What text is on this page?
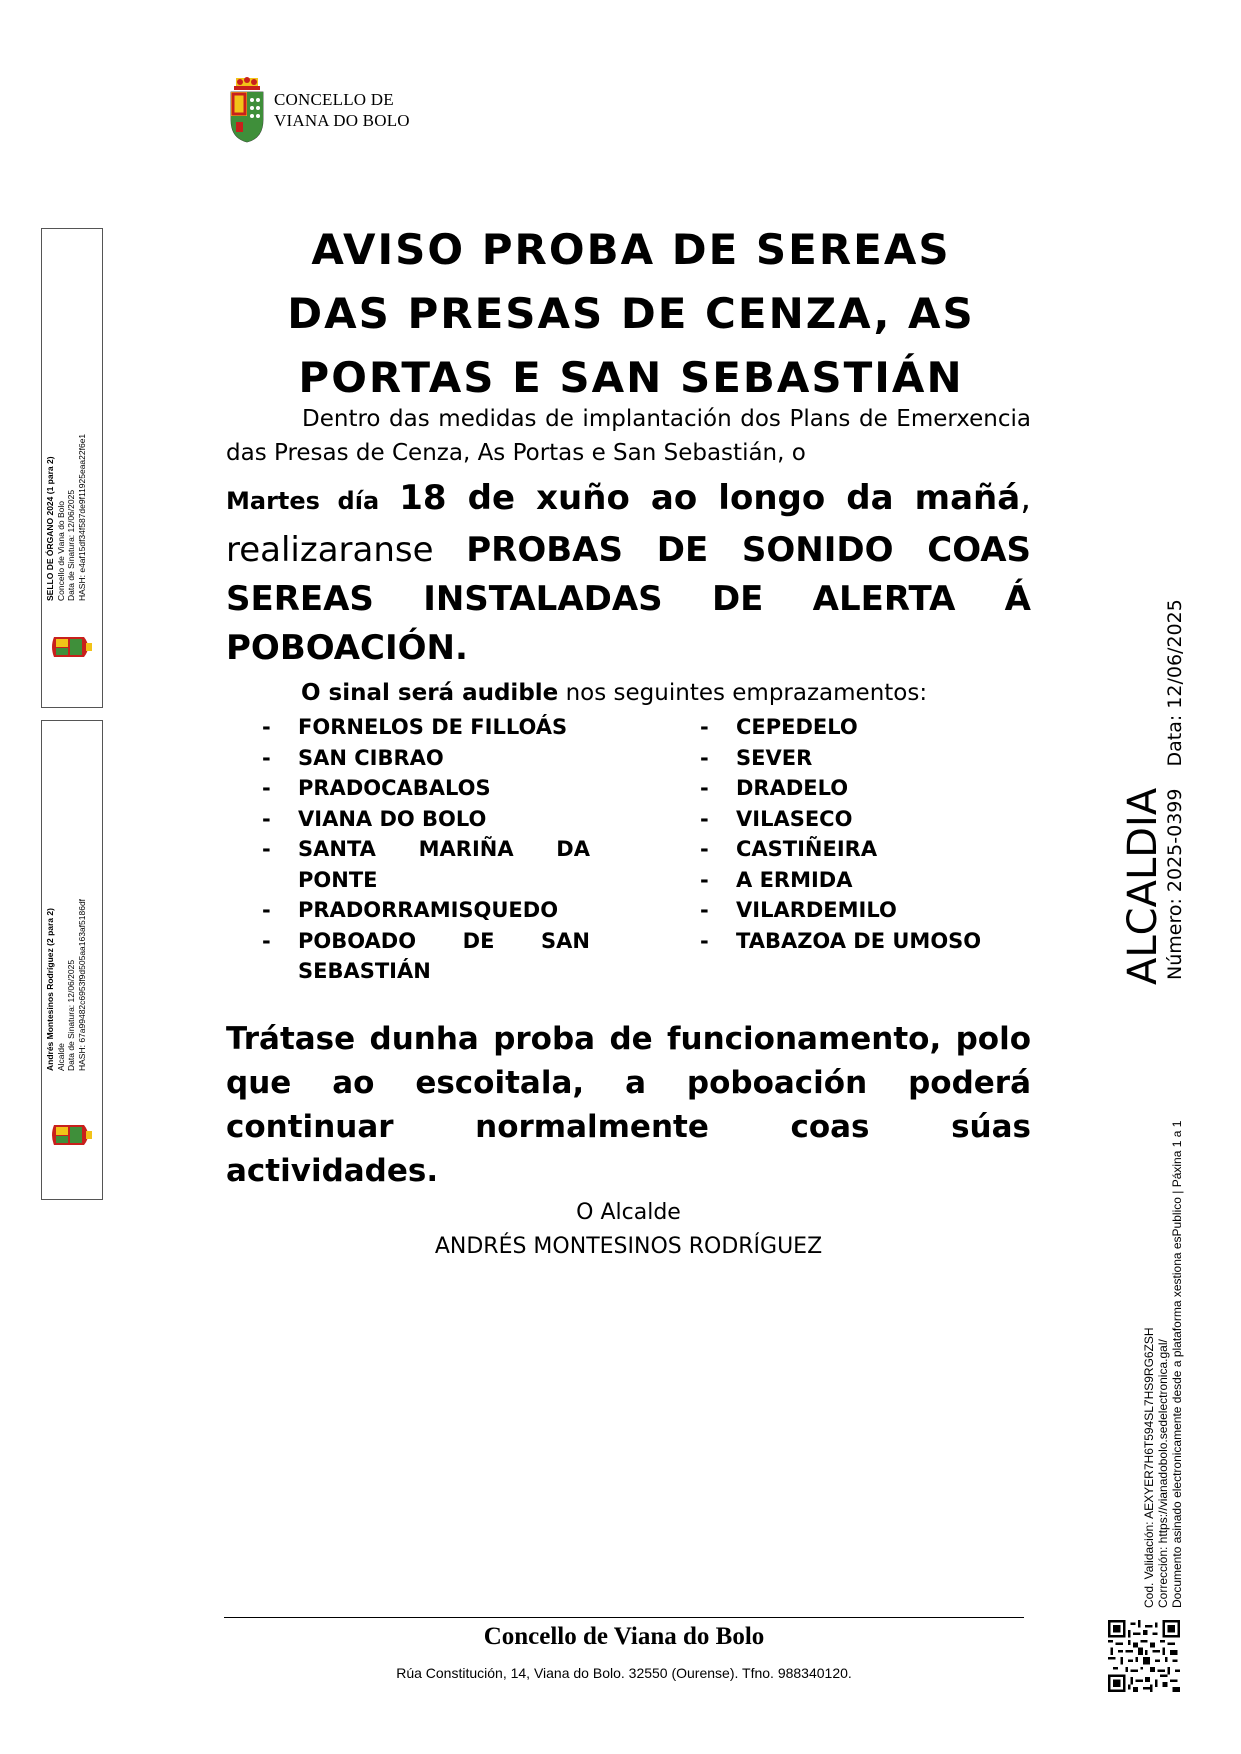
CONCELLO DE
VIANA DO BOLO
SELLO DE ÓRGANO 2024 (1 para 2) Concello de Viana do Bolo Data de Sinatura: 12/06/2025 HASH: e4af15df34f587de9f11925eaa22f6e1
Andrés Montesinos Rodríguez (2 para 2) Alcalde Data de Sinatura: 12/06/2025 HASH: 67a99482c6953f9d505aa163af5186df
AVISO PROBA DE SEREAS
DAS PRESAS DE CENZA, AS
PORTAS E SAN SEBASTIÁN
Dentro das medidas de implantación dos Plans de Emerxencia das Presas de Cenza, As Portas e San Sebastián, o
Martes día 18 de xuño ao longo da mañá, realizaranse PROBAS DE SONIDO COAS SEREAS INSTALADAS DE ALERTA Á POBOACIÓN.
O sinal será audible nos seguintes emprazamentos:
- FORNELOS DE FILLOÁS
- SAN CIBRAO
- PRADOCABALOS
- VIANA DO BOLO
- SANTA MARIÑA DA PONTE
- PRADORRAMISQUEDO
- POBOADO DE SAN SEBASTIÁN
- CEPEDELO
- SEVER
- DRADELO
- VILASECO
- CASTIÑEIRA
- A ERMIDA
- VILARDEMILO
- TABAZOA DE UMOSO
Trátase dunha proba de funcionamento, polo que ao escoitala, a poboación poderá continuar normalmente coas súas actividades.
O Alcalde
ANDRÉS MONTESINOS RODRÍGUEZ
ALCALDIA
Número: 2025-0399Data: 12/06/2025
Cod. Validación: AEXYER7H6T594SL7HS9RG6ZSH Corrección: https://vianadobolo.sedelectronica.gal/ Documento asinado electronicamente desde a plataforma xestiona esPublico | Páxina 1 a 1
Concello de Viana do Bolo
Rúa Constitución, 14, Viana do Bolo. 32550 (Ourense). Tfno. 988340120.
